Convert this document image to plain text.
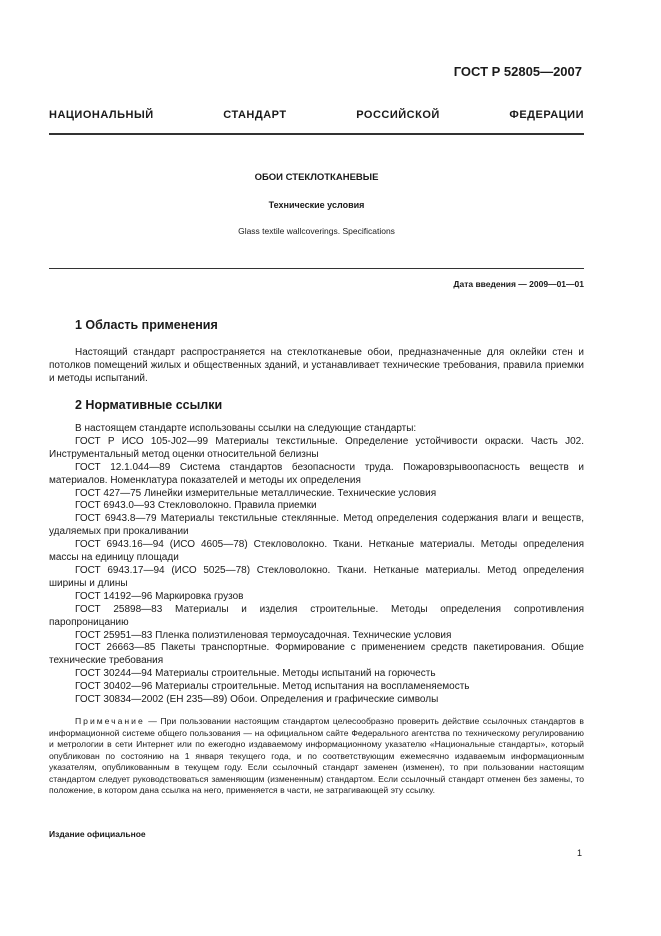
ГОСТ Р 52805—2007
НАЦИОНАЛЬНЫЙ СТАНДАРТ РОССИЙСКОЙ ФЕДЕРАЦИИ
ОБОИ СТЕКЛОТКАНЕВЫЕ
Технические условия
Glass textile wallcoverings. Specifications
Дата введения — 2009—01—01
1 Область применения
Настоящий стандарт распространяется на стеклотканевые обои, предназначенные для оклейки стен и потолков помещений жилых и общественных зданий, и устанавливает технические требования, правила приемки и методы испытаний.
2 Нормативные ссылки

В настоящем стандарте использованы ссылки на следующие стандарты:

ГОСТ Р ИСО 105-J02—99 Материалы текстильные. Определение устойчивости окраски. Часть J02. Инструментальный метод оценки относительной белизны

ГОСТ 12.1.044—89 Система стандартов безопасности труда. Пожаровзрывоопасность веществ и материалов. Номенклатура показателей и методы их определения

ГОСТ 427—75 Линейки измерительные металлические. Технические условия

ГОСТ 6943.0—93 Стекловолокно. Правила приемки

ГОСТ 6943.8—79 Материалы текстильные стеклянные. Метод определения содержания влаги и веществ, удаляемых при прокаливании

ГОСТ 6943.16—94 (ИСО 4605—78) Стекловолокно. Ткани. Нетканые материалы. Методы определения массы на единицу площади

ГОСТ 6943.17—94 (ИСО 5025—78) Стекловолокно. Ткани. Нетканые материалы. Метод определения ширины и длины

ГОСТ 14192—96 Маркировка грузов

ГОСТ 25898—83 Материалы и изделия строительные. Методы определения сопротивления паропроницанию

ГОСТ 25951—83 Пленка полиэтиленовая термоусадочная. Технические условия

ГОСТ 26663—85 Пакеты транспортные. Формирование с применением средств пакетирования. Общие технические требования

ГОСТ 30244—94 Материалы строительные. Методы испытаний на горючесть

ГОСТ 30402—96 Материалы строительные. Метод испытания на воспламеняемость

ГОСТ 30834—2002 (ЕН 235—89) Обои. Определения и графические символы

Примечание — При пользовании настоящим стандартом целесообразно проверить действие ссылочных стандартов в информационной системе общего пользования — на официальном сайте Федерального агентства по техническому регулированию и метрологии в сети Интернет или по ежегодно издаваемому информационному указателю «Национальные стандарты», который опубликован по состоянию на 1 января текущего года, и по соответствующим ежемесячно издаваемым информационным указателям, опубликованным в текущем году. Если ссылочный стандарт заменен (изменен), то при пользовании настоящим стандартом следует руководствоваться заменяющим (измененным) стандартом. Если ссылочный стандарт отменен без замены, то положение, в котором дана ссылка на него, применяется в части, не затрагивающей эту ссылку.

Издание официальное
1
